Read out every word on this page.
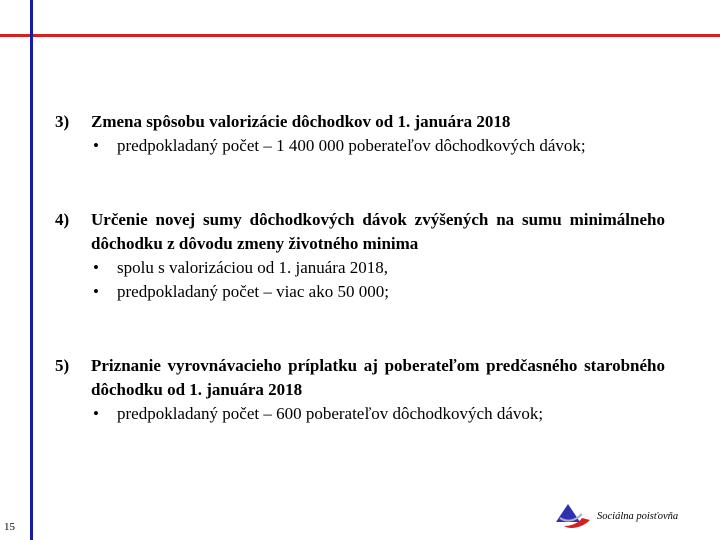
3) Zmena spôsobu valorizácie dôchodkov od 1. januára 2018
• predpokladaný počet – 1 400 000 poberateľov dôchodkových dávok;
4) Určenie novej sumy dôchodkových dávok zvýšených na sumu minimálneho dôchodku z dôvodu zmeny životného minima
• spolu s valorizáciou od 1. januára 2018,
• predpokladaný počet – viac ako 50 000;
5) Priznanie vyrovnávacieho príplatku aj poberateľom predčasného starobného dôchodku od 1. januára 2018
• predpokladaný počet – 600 poberateľov dôchodkových dávok;
15
Sociálna poisťovňa
